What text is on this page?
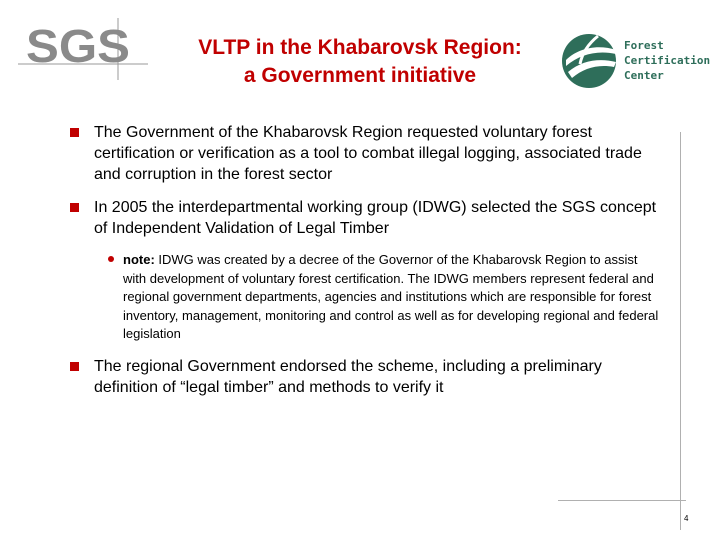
SGS	VLTP in the Khabarovsk Region:
a Government initiative
Forest
Certification
Center
The Government of the Khabarovsk Region requested voluntary forest certification or verification as a tool to combat illegal logging, associated trade and corruption in the forest sector
In 2005 the interdepartmental working group (IDWG) selected the SGS concept of Independent Validation of Legal Timber
note: IDWG was created by a decree of the Governor of the Khabarovsk Region to assist with development of voluntary forest certification. The IDWG members represent federal and regional government departments, agencies and institutions which are responsible for forest inventory, management, monitoring and control as well as for developing regional and federal legislation
The regional Government endorsed the scheme, including a preliminary definition of “legal timber” and methods to verify it
4
